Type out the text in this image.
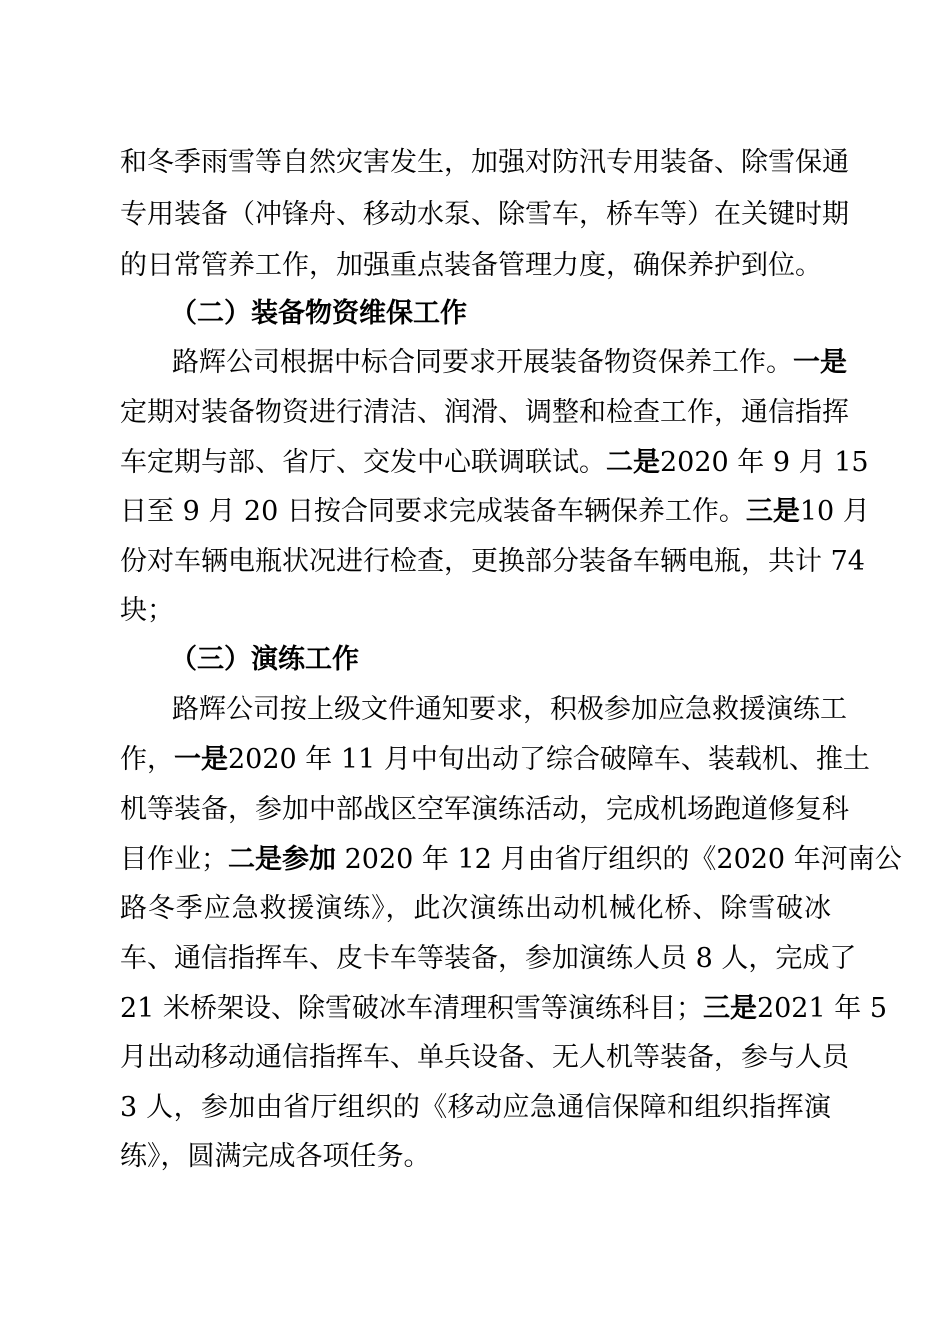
和冬季雨雪等自然灾害发生，加强对防汛专用装备、除雪保通
专用装备（冲锋舟、移动水泵、除雪车，桥车等）在关键时期
的日常管养工作，加强重点装备管理力度，确保养护到位。
（二）装备物资维保工作
路辉公司根据中标合同要求开展装备物资保养工作。一是
定期对装备物资进行清洁、润滑、调整和检查工作，通信指挥
车定期与部、省厅、交发中心联调联试。二是2020 年 9 月 15
日至 9 月 20 日按合同要求完成装备车辆保养工作。三是10 月
份对车辆电瓶状况进行检查，更换部分装备车辆电瓶，共计 74
块；
（三）演练工作
路辉公司按上级文件通知要求，积极参加应急救援演练工
作，一是2020 年 11 月中旬出动了综合破障车、装载机、推土
机等装备，参加中部战区空军演练活动，完成机场跑道修复科
目作业；二是参加 2020 年 12 月由省厅组织的《2020 年河南公
路冬季应急救援演练》，此次演练出动机械化桥、除雪破冰
车、通信指挥车、皮卡车等装备，参加演练人员 8 人，完成了
21 米桥架设、除雪破冰车清理积雪等演练科目；三是2021 年 5
月出动移动通信指挥车、单兵设备、无人机等装备，参与人员
3 人，参加由省厅组织的《移动应急通信保障和组织指挥演
练》，圆满完成各项任务。
